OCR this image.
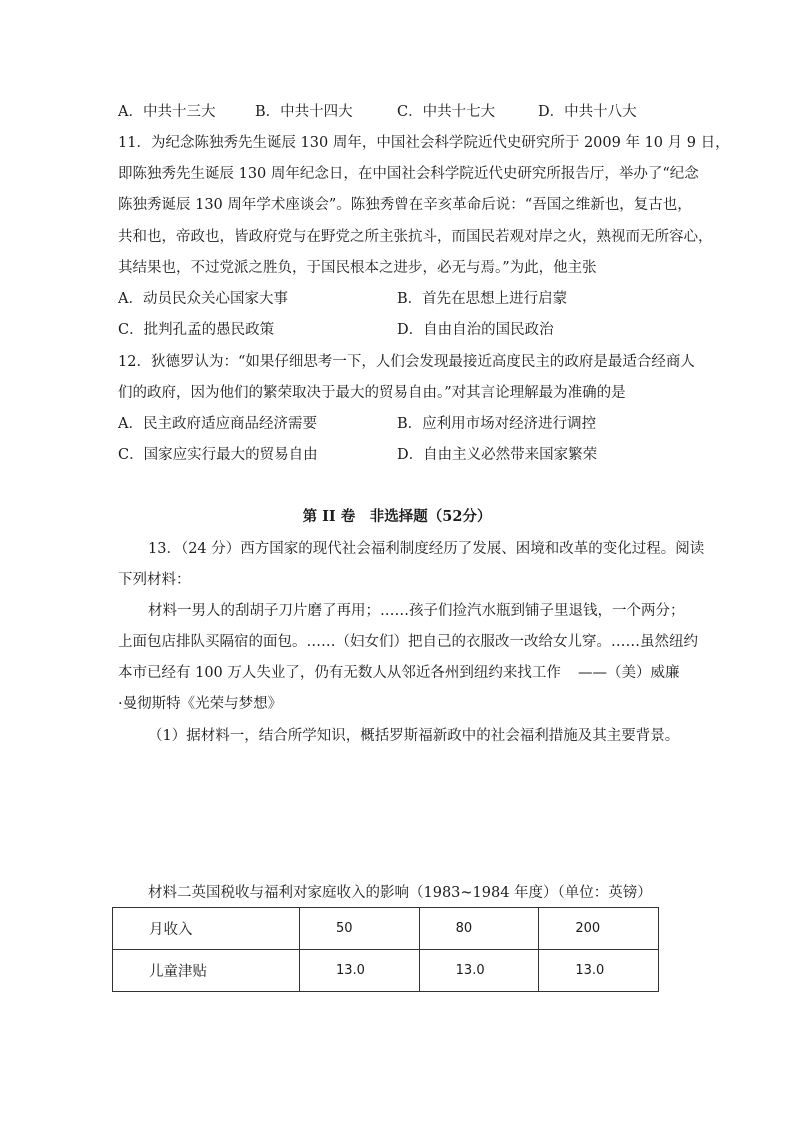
A．中共十三大	B．中共十四大	C．中共十七大	D．中共十八大
11．为纪念陈独秀先生诞辰 130 周年，中国社会科学院近代史研究所于 2009 年 10 月 9 日，
即陈独秀先生诞辰 130 周年纪念日，在中国社会科学院近代史研究所报告厅，举办了“纪念
陈独秀诞辰 130 周年学术座谈会”。陈独秀曾在辛亥革命后说：“吾国之维新也，复古也，
共和也，帝政也，皆政府党与在野党之所主张抗斗，而国民若观对岸之火，熟视而无所容心，
其结果也，不过党派之胜负，于国民根本之进步，必无与焉。”为此，他主张
A．动员民众关心国家大事	B．首先在思想上进行启蒙
C．批判孔孟的愚民政策	D．自由自治的国民政治
12．狄德罗认为：“如果仔细思考一下，人们会发现最接近高度民主的政府是最适合经商人
们的政府，因为他们的繁荣取决于最大的贸易自由。”对其言论理解最为准确的是
A．民主政府适应商品经济需要	B．应利用市场对经济进行调控
C．国家应实行最大的贸易自由	D．自由主义必然带来国家繁荣
第 II 卷　非选择题（52分）
13．（24 分）西方国家的现代社会福利制度经历了发展、困境和改革的变化过程。阅读
下列材料：
材料一男人的刮胡子刀片磨了再用；……孩子们捡汽水瓶到铺子里退钱，一个两分；
上面包店排队买隔宿的面包。……（妇女们）把自己的衣服改一改给女儿穿。……虽然纽约
本市已经有 100 万人失业了，仍有无数人从邻近各州到纽约来找工作 ——（美）威廉
·曼彻斯特《光荣与梦想》
（1）据材料一，结合所学知识，概括罗斯福新政中的社会福利措施及其主要背景。
材料二英国税收与福利对家庭收入的影响（1983~1984 年度）（单位：英镑）
月收入	50	80	200
儿童津贴	13.0	13.0	13.0
